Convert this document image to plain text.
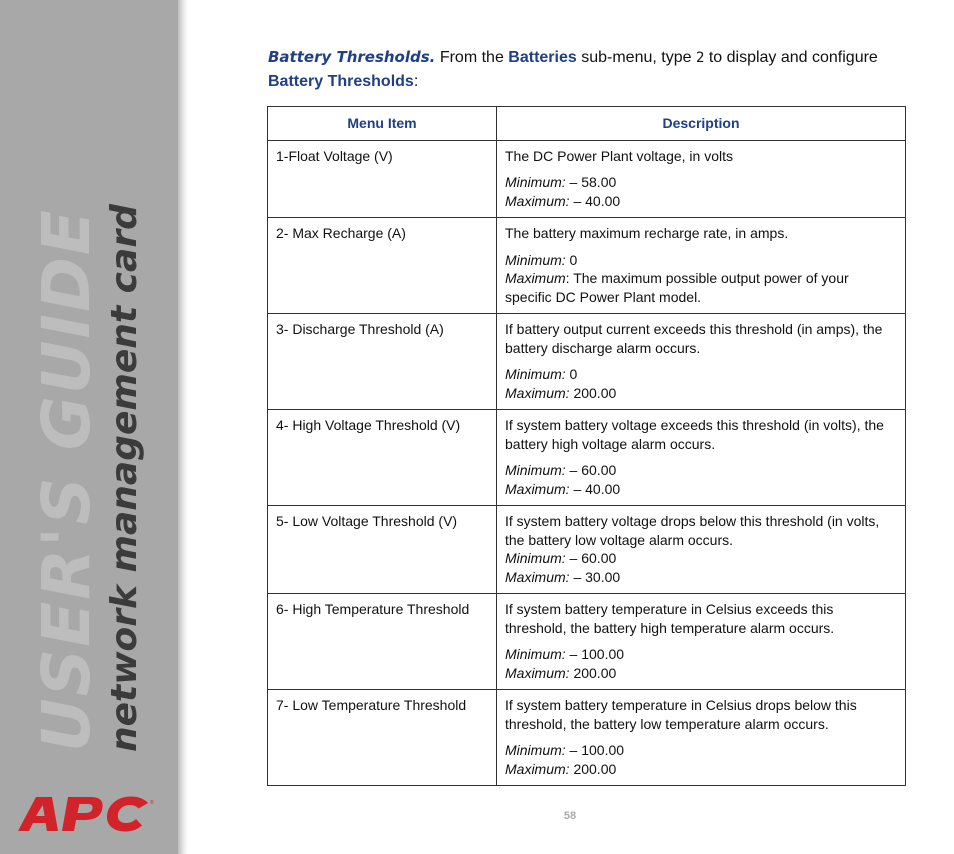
USER'S GUIDE network management card
®
Battery Thresholds. From the Batteries sub-menu, type 2 to display and configure Battery Thresholds:
Menu Item	Description
1-Float Voltage (V)	The DC Power Plant voltage, in volts

Minimum: – 58.00
Maximum: – 40.00

2- Max Recharge (A)	The battery maximum recharge rate, in amps.

Minimum: 0
Maximum: The maximum possible output power of your specific DC Power Plant model.

3- Discharge Threshold (A)	If battery output current exceeds this threshold (in amps), the battery discharge alarm occurs.

Minimum: 0
Maximum: 200.00

4- High Voltage Threshold (V)	If system battery voltage exceeds this threshold (in volts), the battery high voltage alarm occurs.

Minimum: – 60.00
Maximum: – 40.00

5- Low Voltage Threshold (V)	If system battery voltage drops below this threshold (in volts, the battery low voltage alarm occurs.
Minimum: – 60.00
Maximum: – 30.00

6- High Temperature Threshold	If system battery temperature in Celsius exceeds this threshold, the battery high temperature alarm occurs.

Minimum: – 100.00
Maximum: 200.00

7- Low Temperature Threshold	If system battery temperature in Celsius drops below this threshold, the battery low temperature alarm occurs.

Minimum: – 100.00
Maximum: 200.00

58
